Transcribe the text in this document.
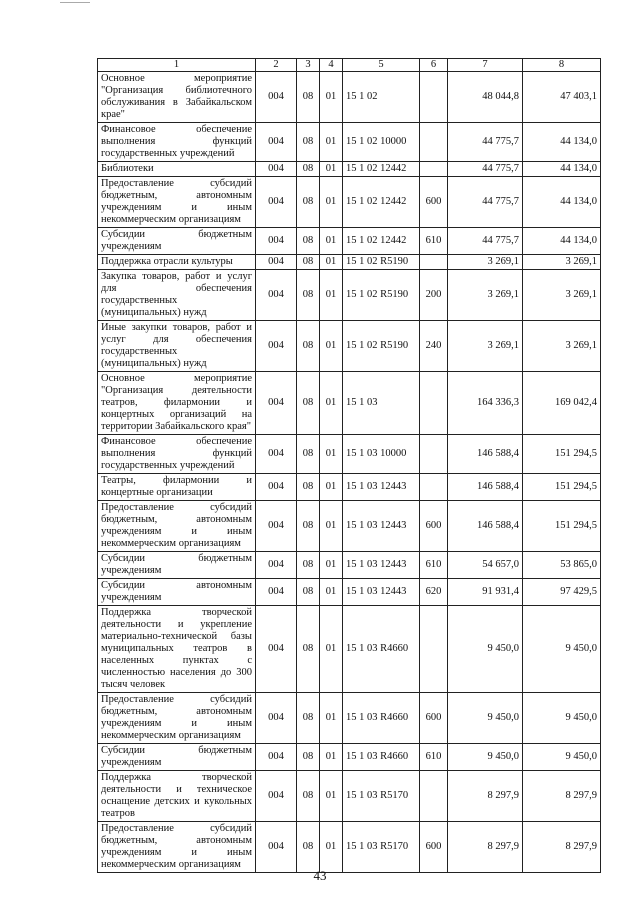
1	2	3	4	5	6	7	8
Основное мероприятие "Организация библиотечного обслуживания в Забайкальском крае"	004	08	01	15 1 02		48 044,8	47 403,1
Финансовое обеспечение выполнения функций государственных учреждений	004	08	01	15 1 02 10000		44 775,7	44 134,0
Библиотеки	004	08	01	15 1 02 12442		44 775,7	44 134,0
Предоставление субсидий бюджетным, автономным учреждениям и иным некоммерческим организациям	004	08	01	15 1 02 12442	600	44 775,7	44 134,0
Субсидии бюджетным учреждениям	004	08	01	15 1 02 12442	610	44 775,7	44 134,0
Поддержка отрасли культуры	004	08	01	15 1 02 R5190		3 269,1	3 269,1
Закупка товаров, работ и услуг для обеспечения государственных (муниципальных) нужд	004	08	01	15 1 02 R5190	200	3 269,1	3 269,1
Иные закупки товаров, работ и услуг для обеспечения государственных (муниципальных) нужд	004	08	01	15 1 02 R5190	240	3 269,1	3 269,1
Основное мероприятие "Организация деятельности театров, филармонии и концертных организаций на территории Забайкальского края"	004	08	01	15 1 03		164 336,3	169 042,4
Финансовое обеспечение выполнения функций государственных учреждений	004	08	01	15 1 03 10000		146 588,4	151 294,5
Театры, филармонии и концертные организации	004	08	01	15 1 03 12443		146 588,4	151 294,5
Предоставление субсидий бюджетным, автономным учреждениям и иным некоммерческим организациям	004	08	01	15 1 03 12443	600	146 588,4	151 294,5
Субсидии бюджетным учреждениям	004	08	01	15 1 03 12443	610	54 657,0	53 865,0
Субсидии автономным учреждениям	004	08	01	15 1 03 12443	620	91 931,4	97 429,5
Поддержка творческой деятельности и укрепление материально-технической базы муниципальных театров в населенных пунктах с численностью населения до 300 тысяч человек	004	08	01	15 1 03 R4660		9 450,0	9 450,0
Предоставление субсидий бюджетным, автономным учреждениям и иным некоммерческим организациям	004	08	01	15 1 03 R4660	600	9 450,0	9 450,0
Субсидии бюджетным учреждениям	004	08	01	15 1 03 R4660	610	9 450,0	9 450,0
Поддержка творческой деятельности и техническое оснащение детских и кукольных театров	004	08	01	15 1 03 R5170		8 297,9	8 297,9
Предоставление субсидий бюджетным, автономным учреждениям и иным некоммерческим организациям	004	08	01	15 1 03 R5170	600	8 297,9	8 297,9
43
